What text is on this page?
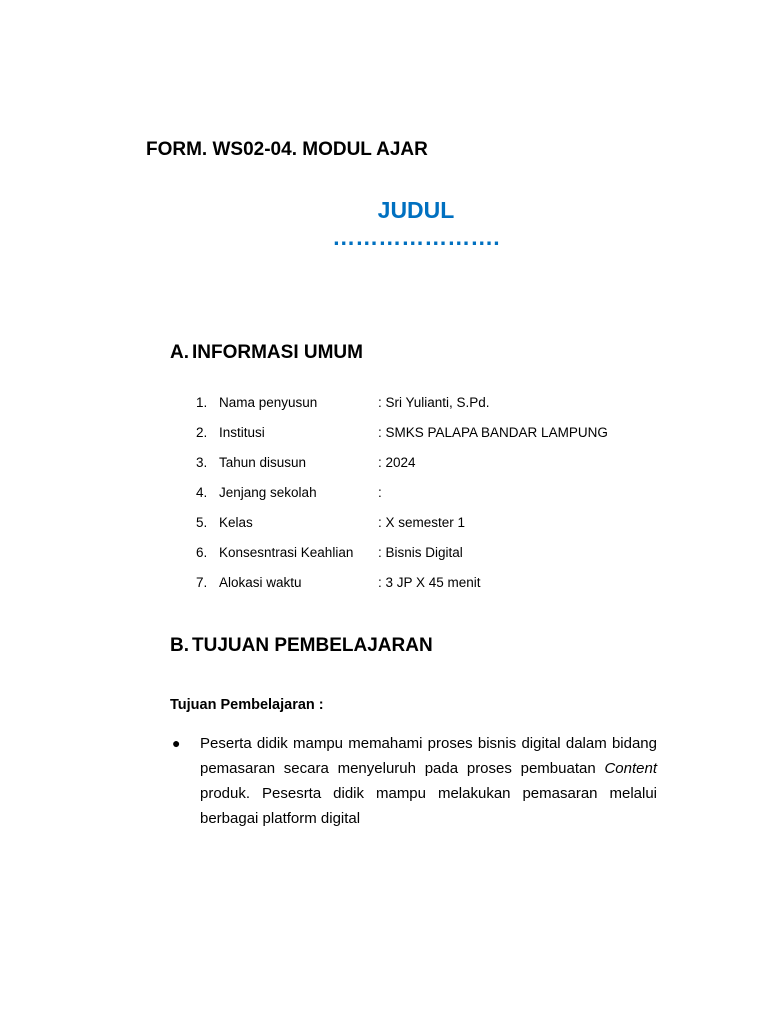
FORM. WS02-04. MODUL AJAR
JUDUL
………………….
A. INFORMASI UMUM
1. Nama penyusun	: Sri Yulianti, S.Pd.
2. Institusi	: SMKS PALAPA BANDAR LAMPUNG
3. Tahun disusun	: 2024
4. Jenjang sekolah	:
5. Kelas	: X semester 1
6. Konsesntrasi Keahlian	: Bisnis Digital
7. Alokasi waktu	: 3 JP X 45 menit
B. TUJUAN PEMBELAJARAN
Tujuan Pembelajaran :
●	Peserta didik mampu memahami proses bisnis digital dalam bidang pemasaran secara menyeluruh pada proses pembuatan Content produk. Pesesrta didik mampu melakukan pemasaran melalui berbagai platform digital
